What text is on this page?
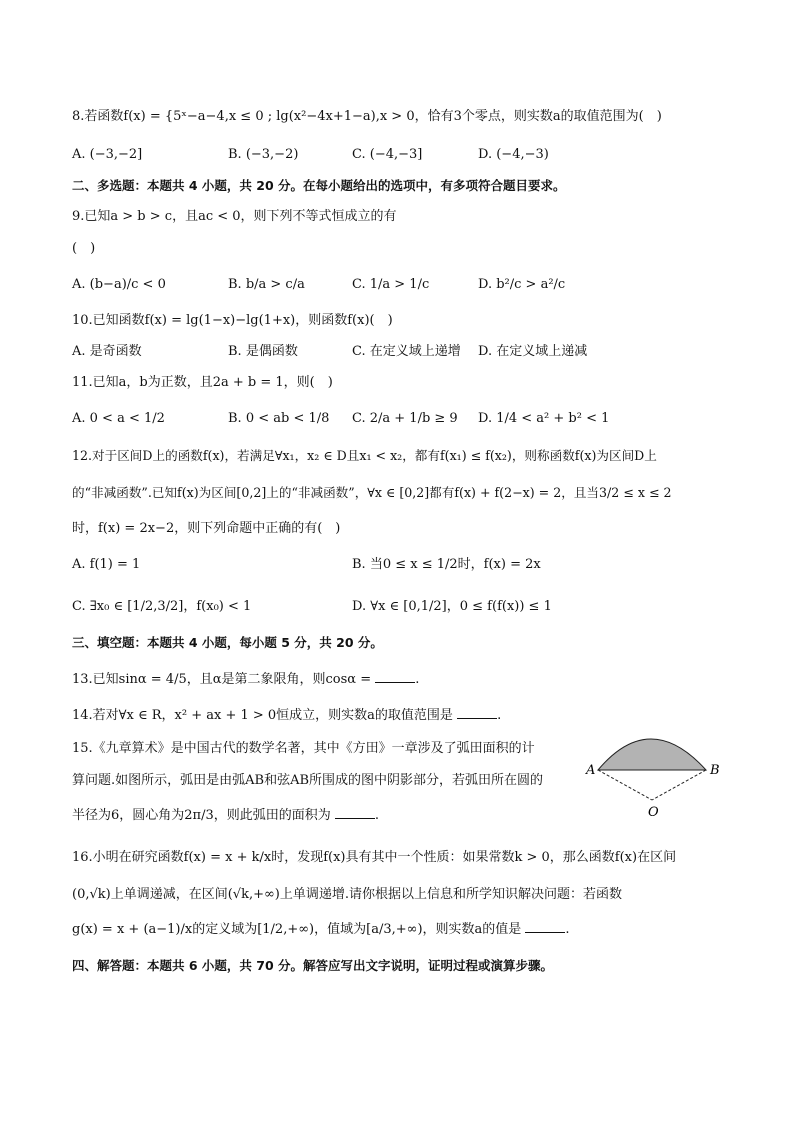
8.若函数f(x) = {5ˣ−a−4,x ≤ 0 ; lg(x²−4x+1−a),x > 0，恰有3个零点，则实数a的取值范围为(　)
A. (−3,−2]	B. (−3,−2)	C. (−4,−3]	D. (−4,−3)
二、多选题：本题共 4 小题，共 20 分。在每小题给出的选项中，有多项符合题目要求。
9.已知a > b > c，且ac < 0，则下列不等式恒成立的有
(　)
A. (b−a)/c < 0	B. b/a > c/a	C. 1/a > 1/c	D. b²/c > a²/c
10.已知函数f(x) = lg(1−x)−lg(1+x)，则函数f(x)(　)
A. 是奇函数	B. 是偶函数	C. 在定义域上递增 D. 在定义域上递减
11.已知a，b为正数，且2a + b = 1，则(　)
A. 0 < a < 1/2	B. 0 < ab < 1/8 C. 2/a + 1/b ≥ 9 D. 1/4 < a² + b² < 1
12.对于区间D上的函数f(x)，若满足∀x₁，x₂ ∈ D且x₁ < x₂，都有f(x₁) ≤ f(x₂)，则称函数f(x)为区间D上
的“非减函数”.已知f(x)为区间[0,2]上的“非减函数”，∀x ∈ [0,2]都有f(x) + f(2−x) = 2，且当3/2 ≤ x ≤ 2
时，f(x) = 2x−2，则下列命题中正确的有(　)
A. f(1) = 1	B. 当0 ≤ x ≤ 1/2时，f(x) = 2x
C. ∃x₀ ∈ [1/2,3/2]，f(x₀) < 1	D. ∀x ∈ [0,1/2]，0 ≤ f(f(x)) ≤ 1
三、填空题：本题共 4 小题，每小题 5 分，共 20 分。
13.已知sinα = 4/5，且α是第二象限角，则cosα =	.
14.若对∀x ∈ R，x² + ax + 1 > 0恒成立，则实数a的取值范围是	.
15.《九章算术》是中国古代的数学名著，其中《方田》一章涉及了弧田面积的计
算问题.如图所示，弧田是由弧AB和弦AB所围成的图中阴影部分，若弧田所在圆的
半径为6，圆心角为2π/3，则此弧田的面积为	.
A	B
O
16.小明在研究函数f(x) = x + k/x时，发现f(x)具有其中一个性质：如果常数k > 0，那么函数f(x)在区间
(0,√k)上单调递减，在区间(√k,+∞)上单调递增.请你根据以上信息和所学知识解决问题：若函数
g(x) = x + (a−1)/x的定义域为[1/2,+∞)，值域为[a/3,+∞)，则实数a的值是	.
四、解答题：本题共 6 小题，共 70 分。解答应写出文字说明，证明过程或演算步骤。
